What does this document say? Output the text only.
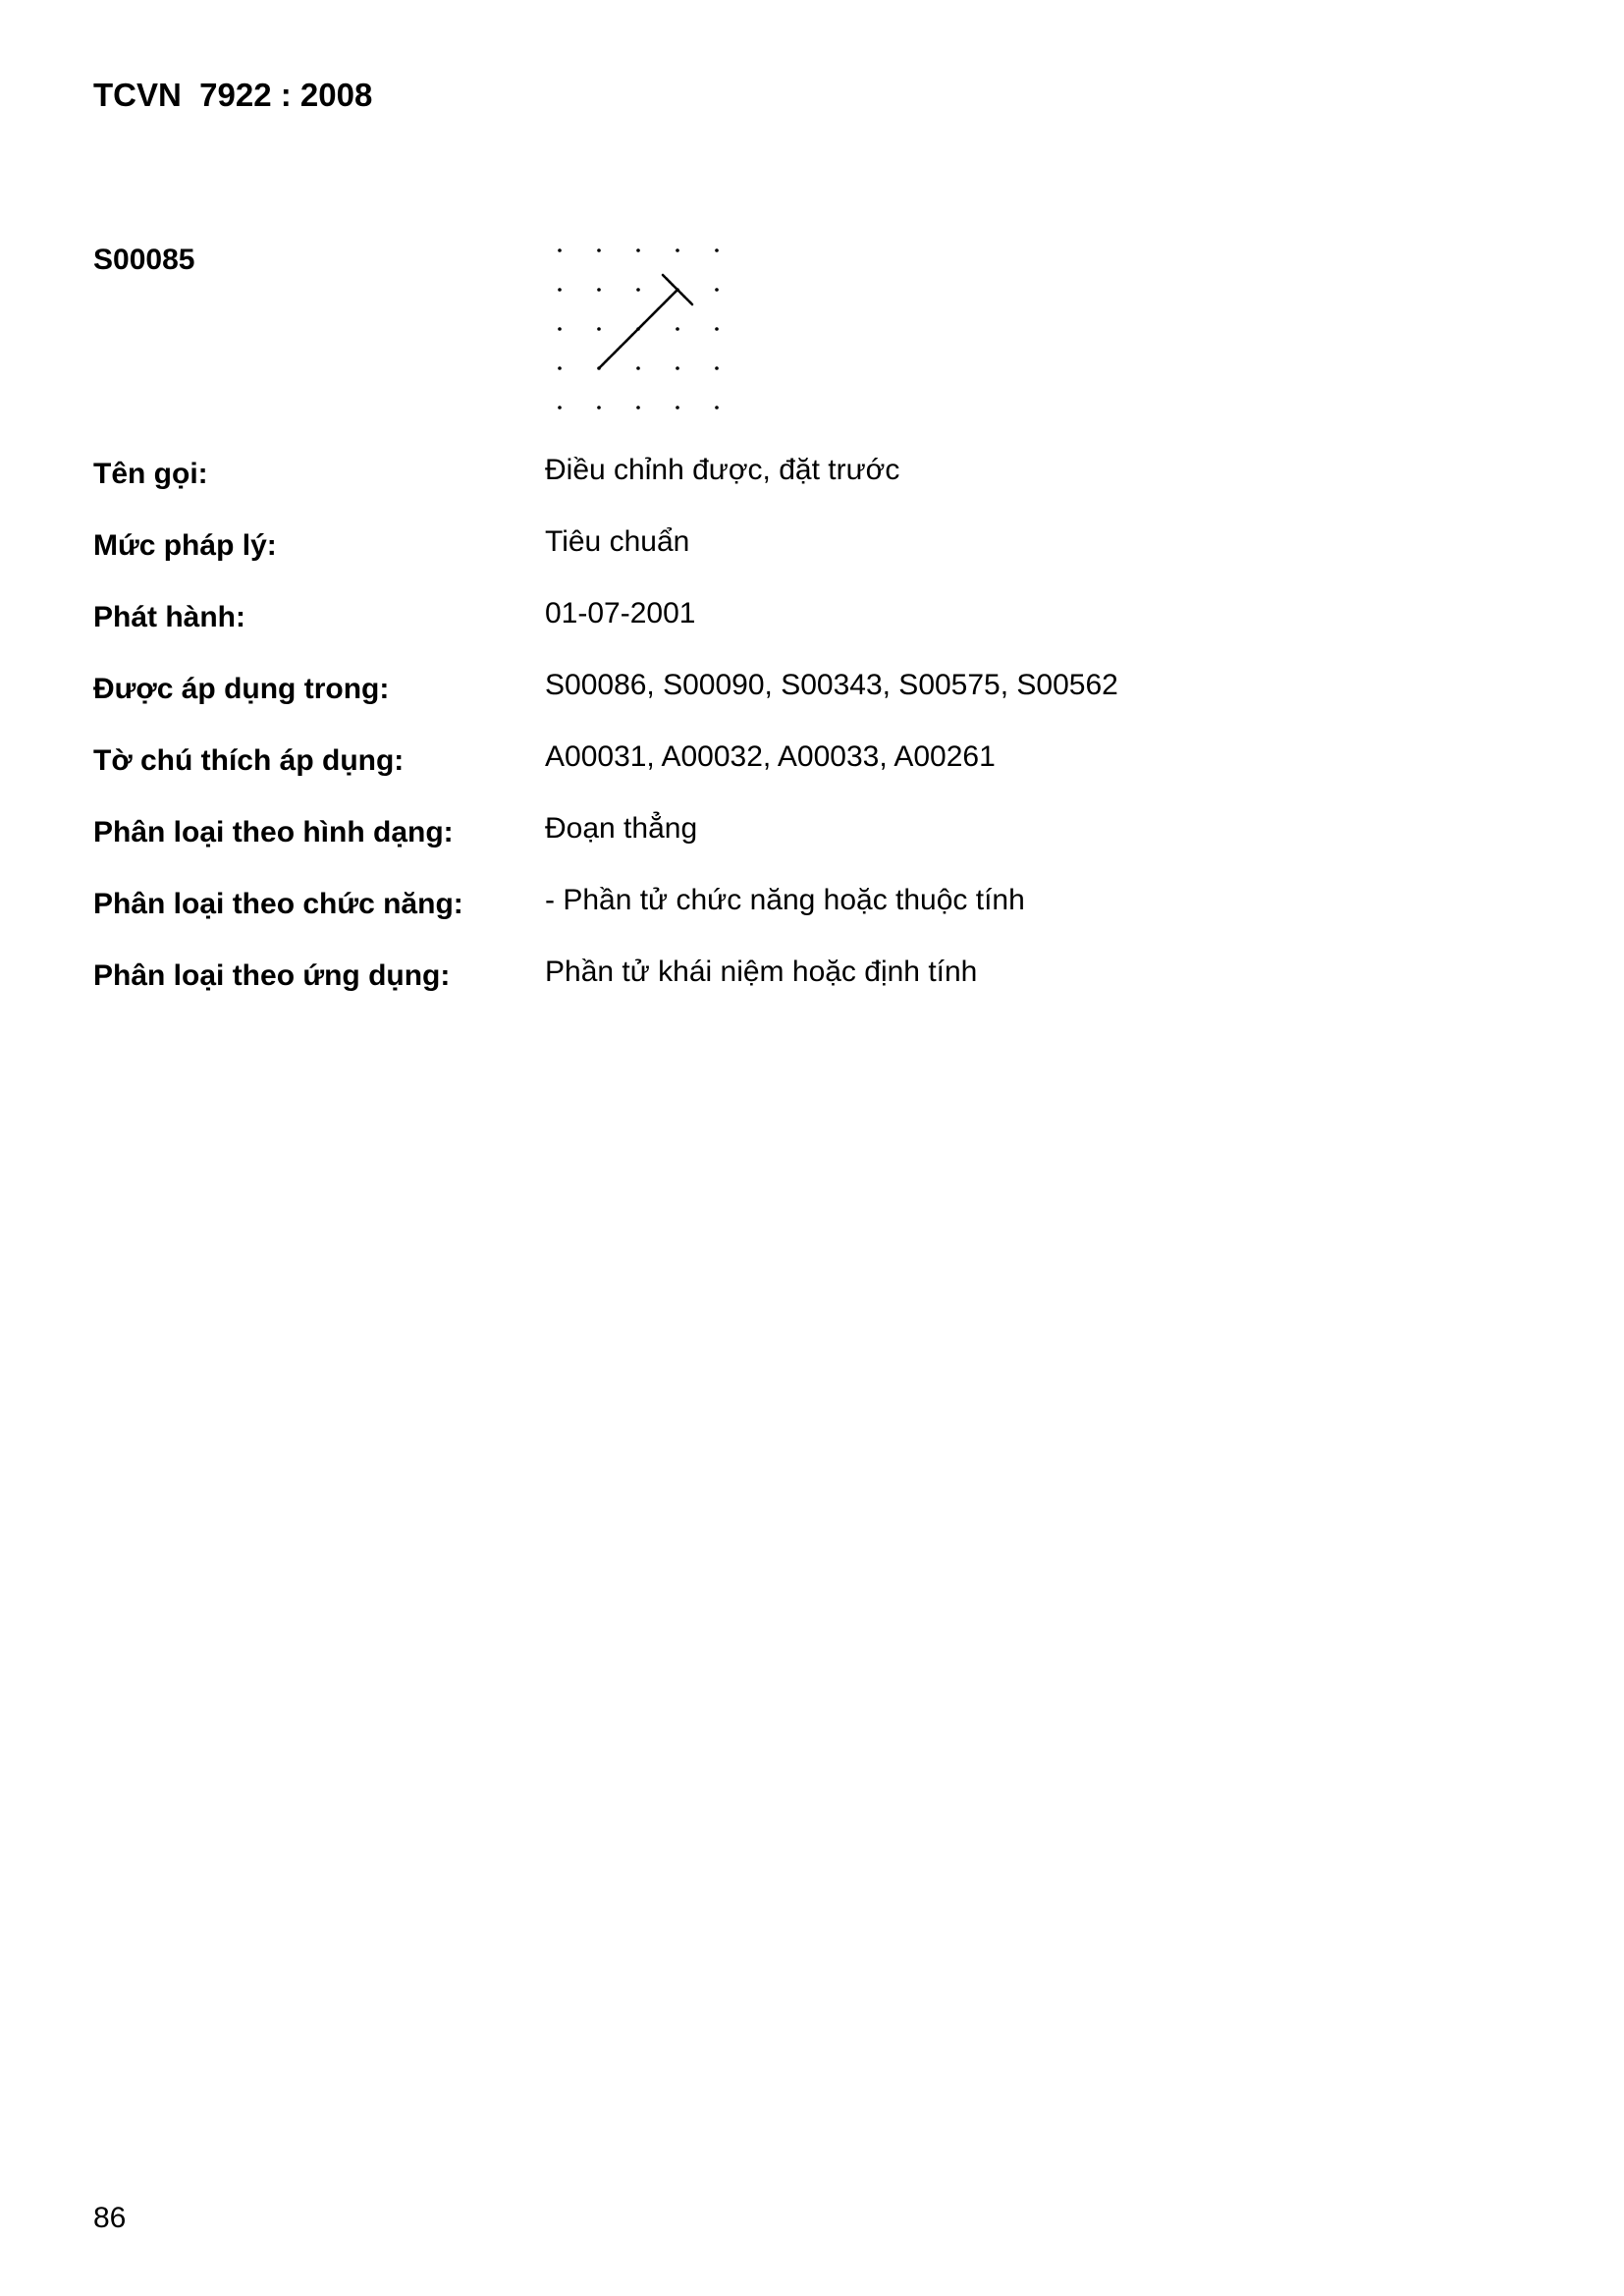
TCVN  7922 : 2008
S00085
Tên gọi:	Điều chỉnh được, đặt trước
Mức pháp lý:	Tiêu chuẩn
Phát hành:	01-07-2001
Được áp dụng trong:	S00086, S00090, S00343, S00575, S00562
Tờ chú thích áp dụng:	A00031, A00032, A00033, A00261
Phân loại theo hình dạng:	Đoạn thẳng
Phân loại theo chức năng:	- Phần tử chức năng hoặc thuộc tính
Phân loại theo ứng dụng:	Phần tử khái niệm hoặc định tính
86
